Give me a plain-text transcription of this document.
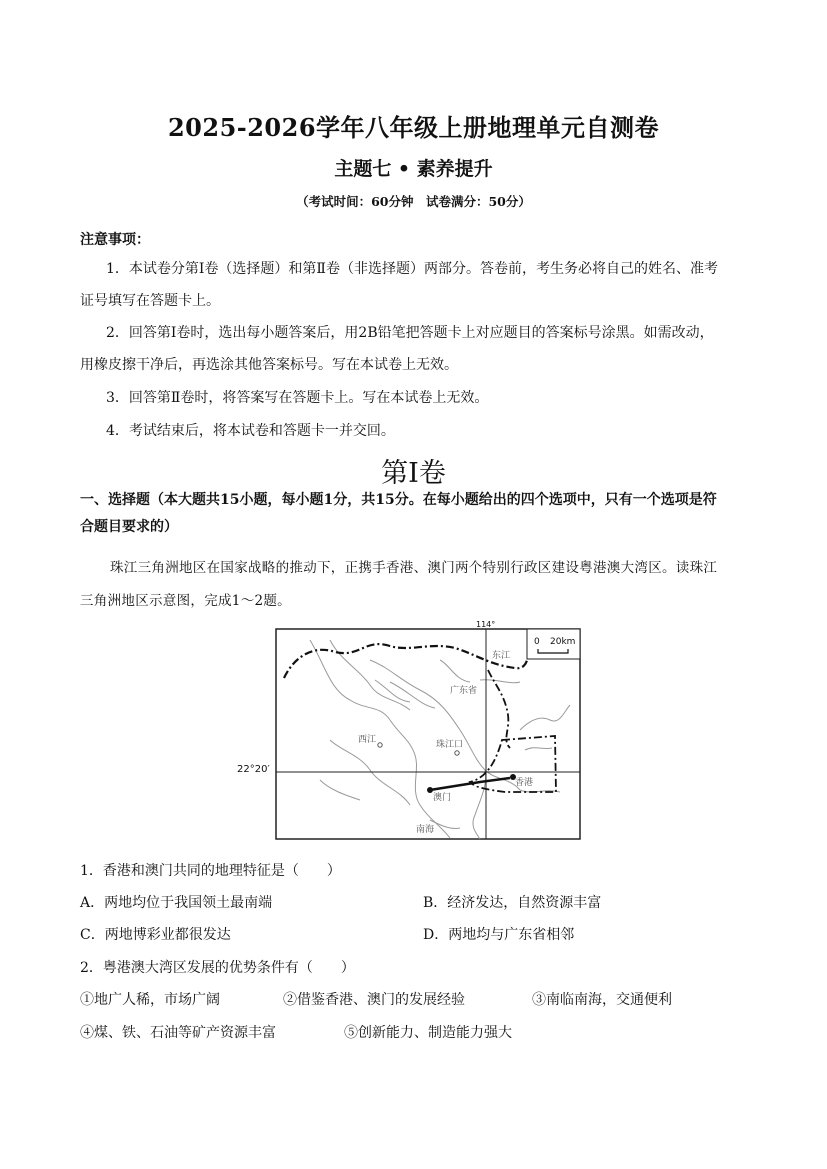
2025-2026学年八年级上册地理单元自测卷
主题七 • 素养提升
（考试时间：60分钟　试卷满分：50分）
注意事项：
1．本试卷分第Ⅰ卷（选择题）和第Ⅱ卷（非选择题）两部分。答卷前，考生务必将自己的姓名、准考
证号填写在答题卡上。
2．回答第Ⅰ卷时，选出每小题答案后，用2B铅笔把答题卡上对应题目的答案标号涂黑。如需改动，
用橡皮擦干净后，再选涂其他答案标号。写在本试卷上无效。
3．回答第Ⅱ卷时，将答案写在答题卡上。写在本试卷上无效。
4．考试结束后，将本试卷和答题卡一并交回。
第Ⅰ卷
一、选择题（本大题共15小题，每小题1分，共15分。在每小题给出的四个选项中，只有一个选项是符
合题目要求的）
珠江三角洲地区在国家战略的推动下，正携手香港、澳门两个特别行政区建设粤港澳大湾区。读珠江
三角洲地区示意图，完成1～2题。
0 20km
114°
东江
广东省
西江	珠江口
香港
澳门
南海
22°20′
1．香港和澳门共同的地理特征是（　　）
A．两地均位于我国领土最南端	B．经济发达，自然资源丰富
C．两地博彩业都很发达	D．两地均与广东省相邻
2．粤港澳大湾区发展的优势条件有（　　）
①地广人稀，市场广阔	②借鉴香港、澳门的发展经验	③南临南海，交通便利
④煤、铁、石油等矿产资源丰富	⑤创新能力、制造能力强大
